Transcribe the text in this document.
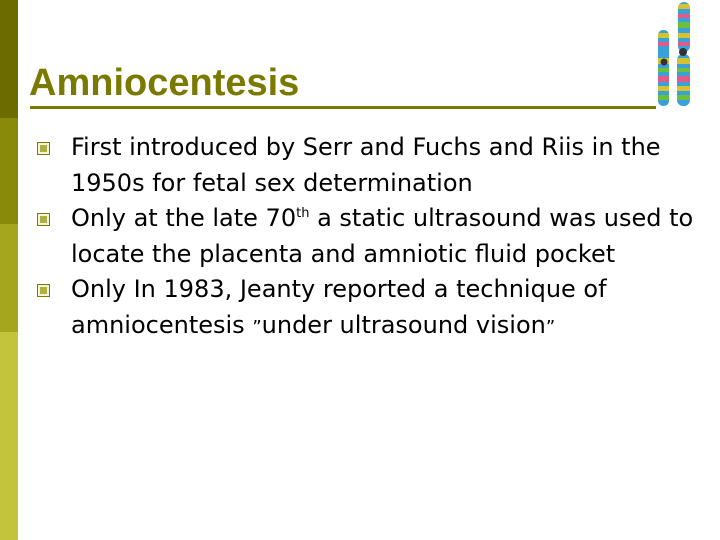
Amniocentesis
First introduced by Serr and Fuchs and Riis in the 1950s for fetal sex determination
Only at the late 70th a static ultrasound was used to locate the placenta and amniotic fluid pocket
Only In 1983, Jeanty reported a technique of amniocentesis ”under ultrasound vision”
